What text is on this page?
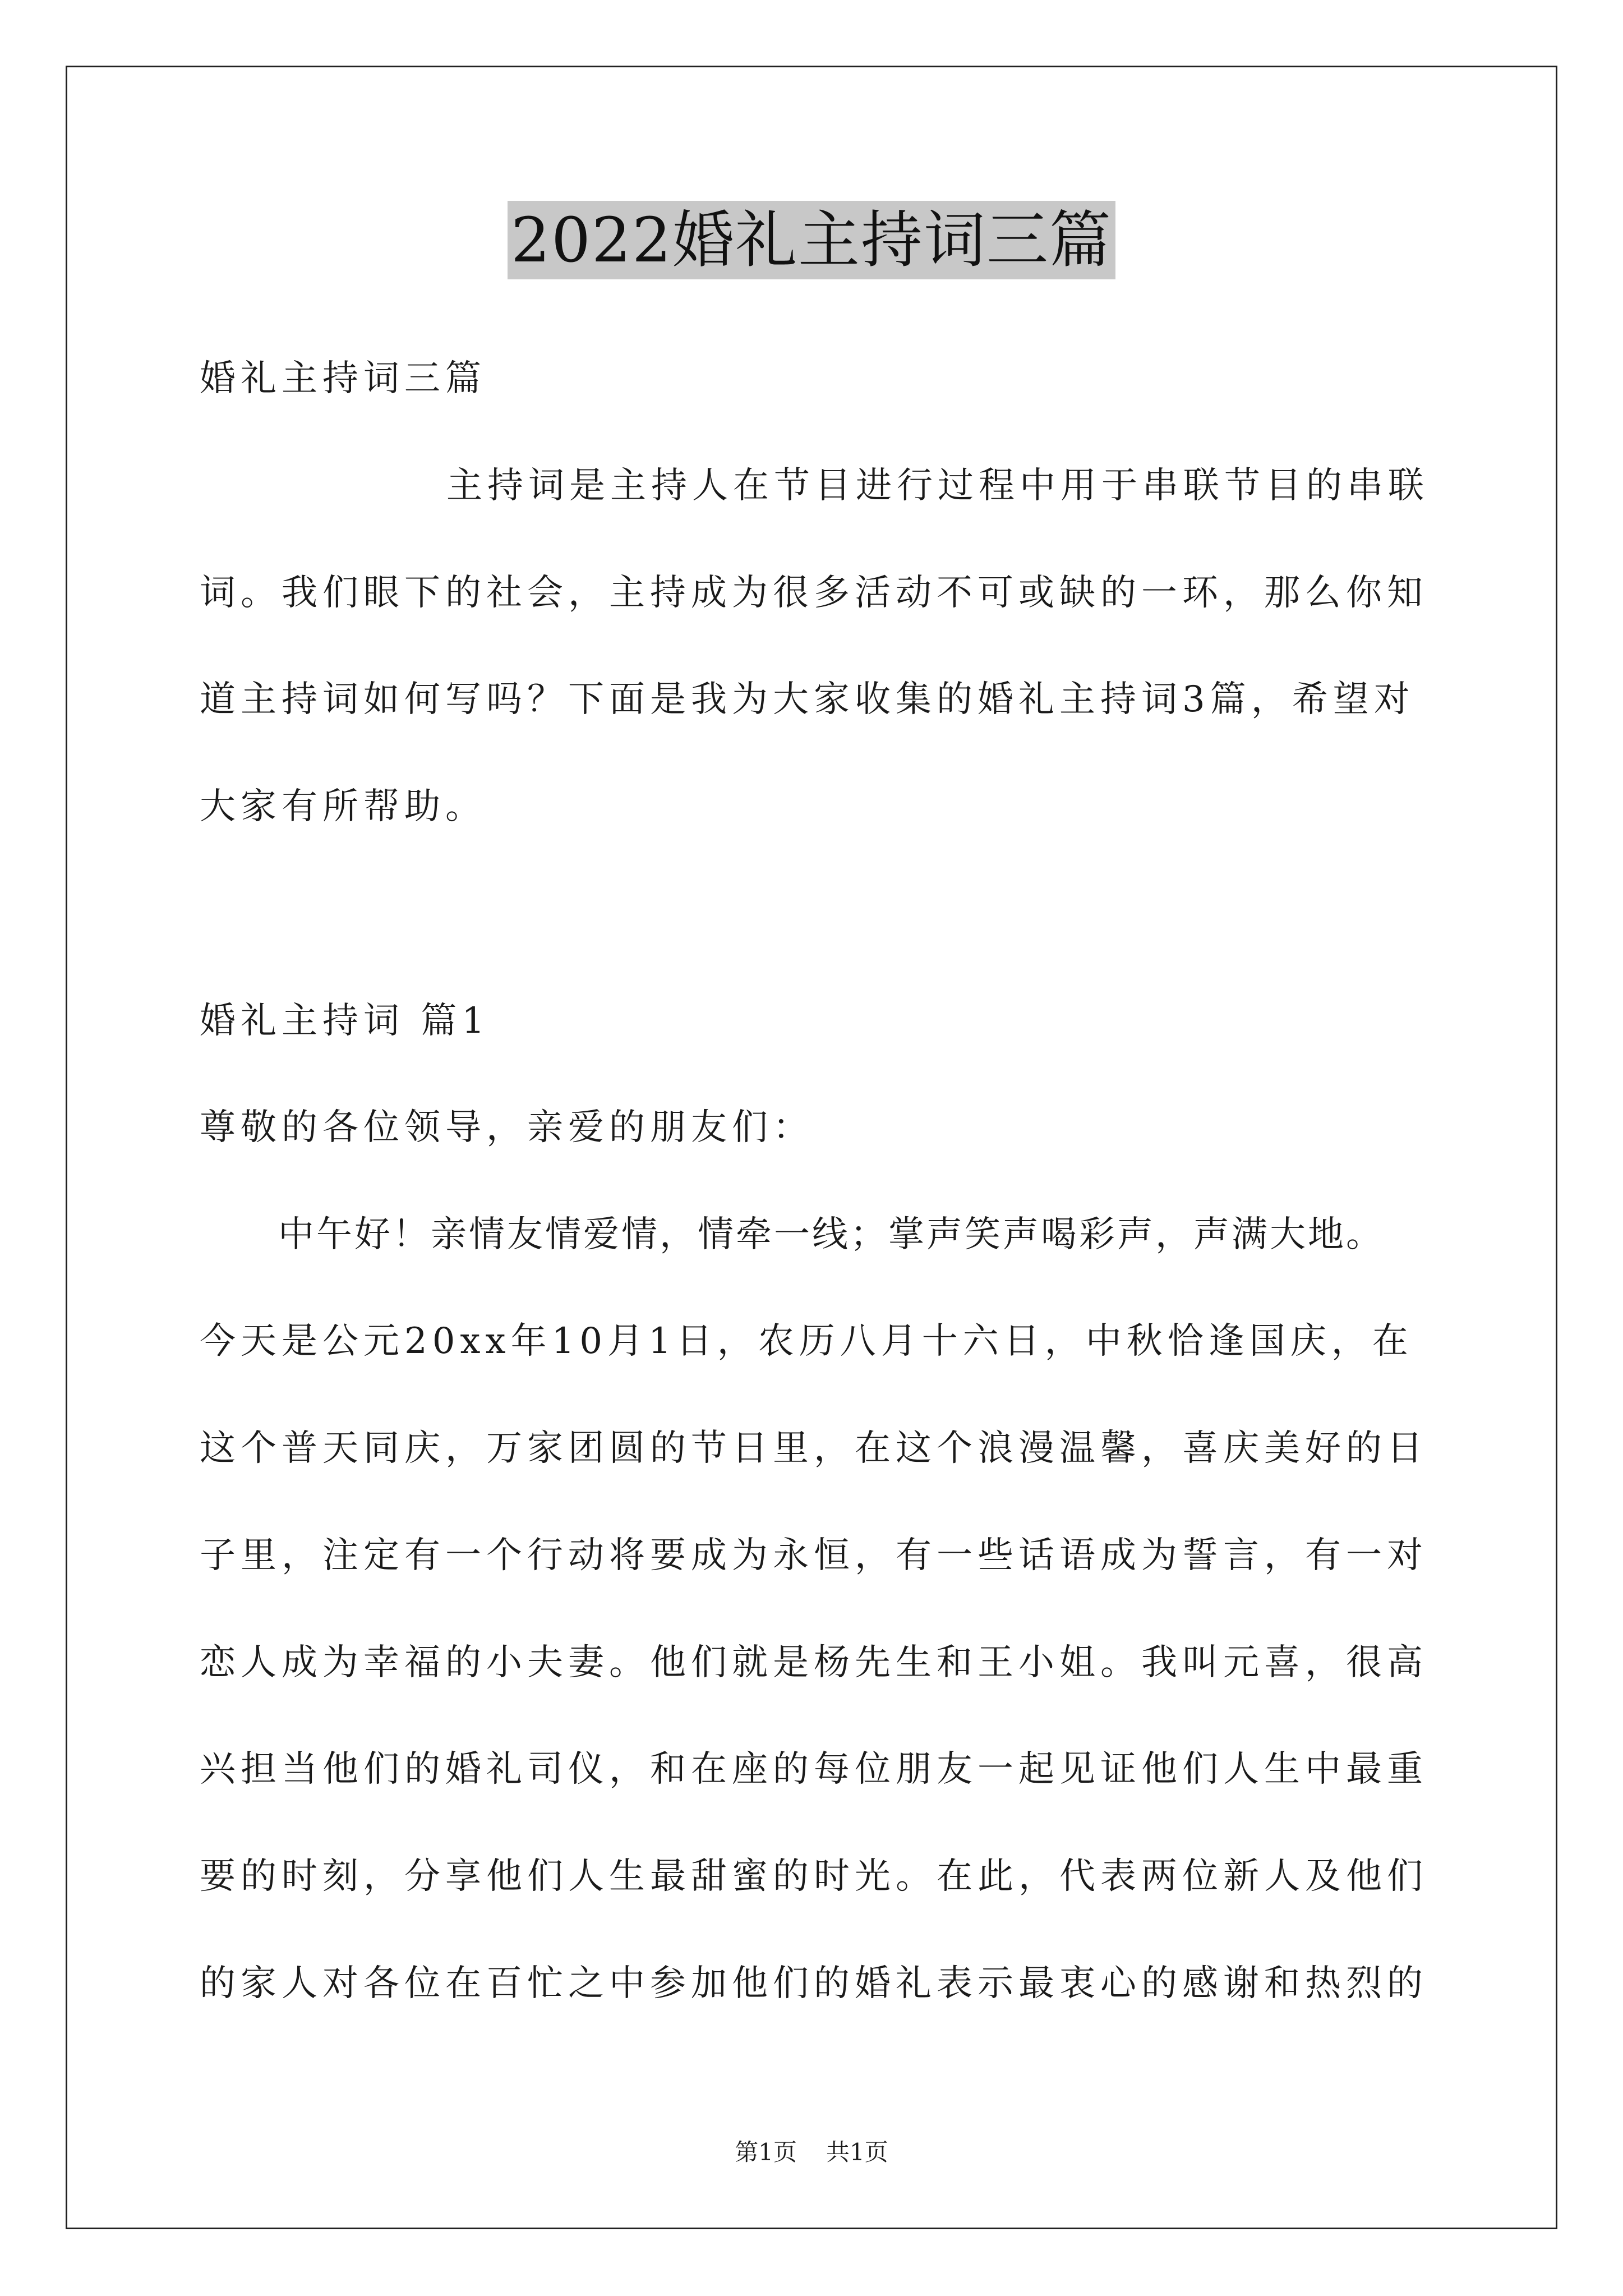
2022婚礼主持词三篇

婚礼主持词三篇

主持词是主持人在节目进行过程中用于串联节目的串联

词。我们眼下的社会，主持成为很多活动不可或缺的一环，那么你知

道主持词如何写吗？下面是我为大家收集的婚礼主持词3篇，希望对

大家有所帮助。

婚礼主持词 篇1

尊敬的各位领导，亲爱的朋友们：

中午好！亲情友情爱情，情牵一线；掌声笑声喝彩声，声满大地。

今天是公元20xx年10月1日，农历八月十六日，中秋恰逢国庆，在

这个普天同庆，万家团圆的节日里，在这个浪漫温馨，喜庆美好的日

子里，注定有一个行动将要成为永恒，有一些话语成为誓言，有一对

恋人成为幸福的小夫妻。他们就是杨先生和王小姐。我叫元喜，很高

兴担当他们的婚礼司仪，和在座的每位朋友一起见证他们人生中最重

要的时刻，分享他们人生最甜蜜的时光。在此，代表两位新人及他们

的家人对各位在百忙之中参加他们的婚礼表示最衷心的感谢和热烈的

第1页 共1页
